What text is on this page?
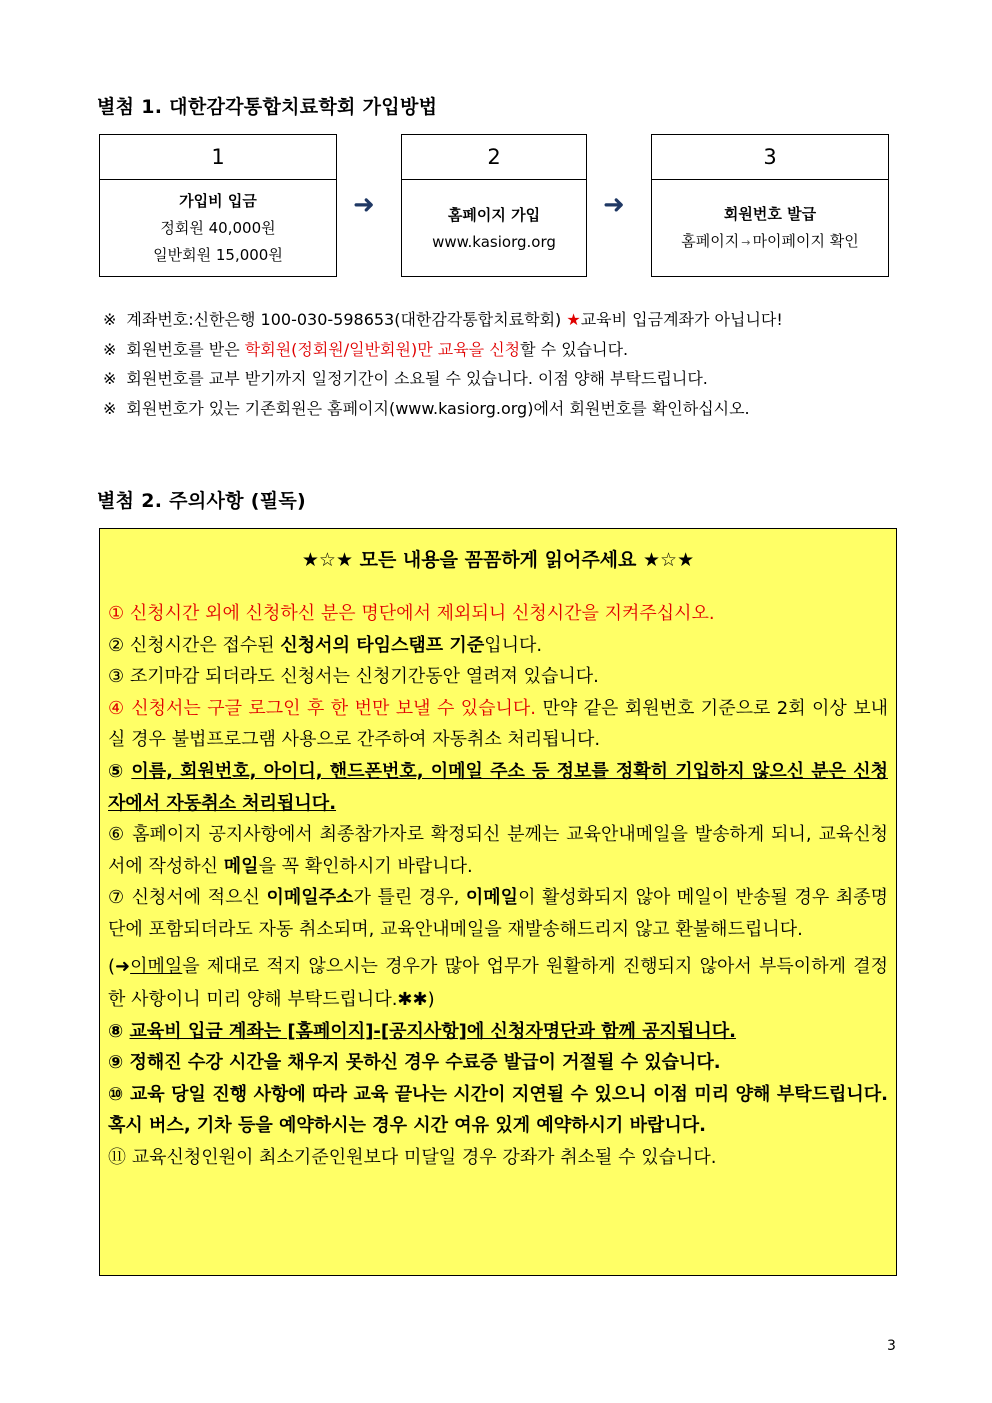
별첨 1. 대한감각통합치료학회 가입방법
1
가입비 입금
정회원 40,000원
일반회원 15,000원
➜
2
홈페이지 가입
www.kasiorg.org
➜
3
회원번호 발급
홈페이지 → 마이페이지 확인
※ 계좌번호:신한은행 100-030-598653(대한감각통합치료학회) ★교육비 입금계좌가 아닙니다!
※ 회원번호를 받은 학회원(정회원/일반회원)만 교육을 신청할 수 있습니다.
※ 회원번호를 교부 받기까지 일정기간이 소요될 수 있습니다. 이점 양해 부탁드립니다.
※ 회원번호가 있는 기존회원은 홈페이지(www.kasiorg.org)에서 회원번호를 확인하십시오.
별첨 2. 주의사항 (필독)
★☆★ 모든 내용을 꼼꼼하게 읽어주세요 ★☆★

① 신청시간 외에 신청하신 분은 명단에서 제외되니 신청시간을 지켜주십시오.

② 신청시간은 접수된 신청서의 타임스탬프 기준입니다.

③ 조기마감 되더라도 신청서는 신청기간동안 열려져 있습니다.

④ 신청서는 구글 로그인 후 한 번만 보낼 수 있습니다. 만약 같은 회원번호 기준으로 2회 이상 보내실 경우 불법프로그램 사용으로 간주하여 자동취소 처리됩니다.

⑤ 이름, 회원번호, 아이디, 핸드폰번호, 이메일 주소 등 정보를 정확히 기입하지 않으신 분은 신청자에서 자동취소 처리됩니다.

⑥ 홈페이지 공지사항에서 최종참가자로 확정되신 분께는 교육안내메일을 발송하게 되니, 교육신청서에 작성하신 메일을 꼭 확인하시기 바랍니다.

⑦ 신청서에 적으신 이메일주소가 틀린 경우, 이메일이 활성화되지 않아 메일이 반송될 경우 최종명단에 포함되더라도 자동 취소되며, 교육안내메일을 재발송해드리지 않고 환불해드립니다.

(➜이메일을 제대로 적지 않으시는 경우가 많아 업무가 원활하게 진행되지 않아서 부득이하게 결정한 사항이니 미리 양해 부탁드립니다.✱✱)

⑧ 교육비 입금 계좌는 [홈페이지]-[공지사항]에 신청자명단과 함께 공지됩니다.

⑨ 정해진 수강 시간을 채우지 못하신 경우 수료증 발급이 거절될 수 있습니다.

⑩ 교육 당일 진행 사항에 따라 교육 끝나는 시간이 지연될 수 있으니 이점 미리 양해 부탁드립니다. 혹시 버스, 기차 등을 예약하시는 경우 시간 여유 있게 예약하시기 바랍니다.

⑪ 교육신청인원이 최소기준인원보다 미달일 경우 강좌가 취소될 수 있습니다.

3
